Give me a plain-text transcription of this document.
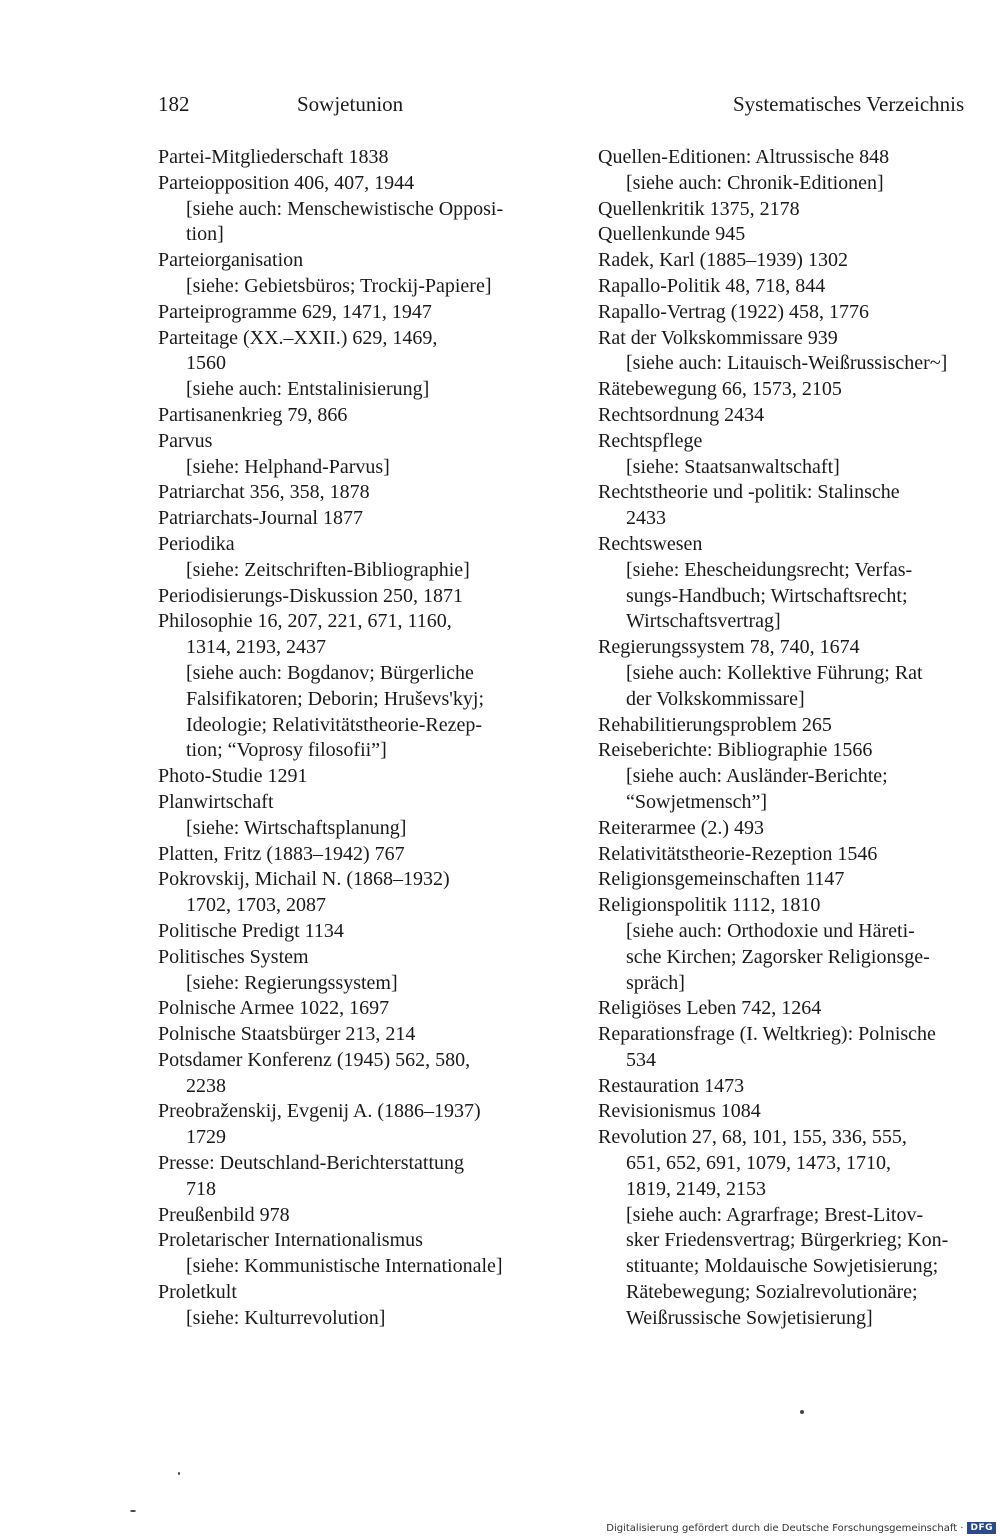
182	Sowjetunion	Systematisches Verzeichnis
Partei-Mitgliederschaft 1838
Parteiopposition 406, 407, 1944
[siehe auch: Menschewistische Opposi-
tion]
Parteiorganisation
[siehe: Gebietsbüros; Trockij-Papiere]
Parteiprogramme 629, 1471, 1947
Parteitage (XX.–XXII.) 629, 1469,
1560
[siehe auch: Entstalinisierung]
Partisanenkrieg 79, 866
Parvus
[siehe: Helphand-Parvus]
Patriarchat 356, 358, 1878
Patriarchats-Journal 1877
Periodika
[siehe: Zeitschriften-Bibliographie]
Periodisierungs-Diskussion 250, 1871
Philosophie 16, 207, 221, 671, 1160,
1314, 2193, 2437
[siehe auch: Bogdanov; Bürgerliche
Falsifikatoren; Deborin; Hruševs'kyj;
Ideologie; Relativitätstheorie-Rezep-
tion; “Voprosy filosofii”]
Photo-Studie 1291
Planwirtschaft
[siehe: Wirtschaftsplanung]
Platten, Fritz (1883–1942) 767
Pokrovskij, Michail N. (1868–1932)
1702, 1703, 2087
Politische Predigt 1134
Politisches System
[siehe: Regierungssystem]
Polnische Armee 1022, 1697
Polnische Staatsbürger 213, 214
Potsdamer Konferenz (1945) 562, 580,
2238
Preobraženskij, Evgenij A. (1886–1937)
1729
Presse: Deutschland-Berichterstattung
718
Preußenbild 978
Proletarischer Internationalismus
[siehe: Kommunistische Internationale]
Proletkult
[siehe: Kulturrevolution]
Quellen-Editionen: Altrussische 848
[siehe auch: Chronik-Editionen]
Quellenkritik 1375, 2178
Quellenkunde 945
Radek, Karl (1885–1939) 1302
Rapallo-Politik 48, 718, 844
Rapallo-Vertrag (1922) 458, 1776
Rat der Volkskommissare 939
[siehe auch: Litauisch-Weißrussischer~]
Rätebewegung 66, 1573, 2105
Rechtsordnung 2434
Rechtspflege
[siehe: Staatsanwaltschaft]
Rechtstheorie und -politik: Stalinsche
2433
Rechtswesen
[siehe: Ehescheidungsrecht; Verfas-
sungs-Handbuch; Wirtschaftsrecht;
Wirtschaftsvertrag]
Regierungssystem 78, 740, 1674
[siehe auch: Kollektive Führung; Rat
der Volkskommissare]
Rehabilitierungsproblem 265
Reiseberichte: Bibliographie 1566
[siehe auch: Ausländer-Berichte;
“Sowjetmensch”]
Reiterarmee (2.) 493
Relativitätstheorie-Rezeption 1546
Religionsgemeinschaften 1147
Religionspolitik 1112, 1810
[siehe auch: Orthodoxie und Häreti-
sche Kirchen; Zagorsker Religionsge-
spräch]
Religiöses Leben 742, 1264
Reparationsfrage (I. Weltkrieg): Polnische
534
Restauration 1473
Revisionismus 1084
Revolution 27, 68, 101, 155, 336, 555,
651, 652, 691, 1079, 1473, 1710,
1819, 2149, 2153
[siehe auch: Agrarfrage; Brest-Litov-
sker Friedensvertrag; Bürgerkrieg; Kon-
stituante; Moldauische Sowjetisierung;
Rätebewegung; Sozialrevolutionäre;
Weißrussische Sowjetisierung]
Digitalisierung gefördert durch die Deutsche Forschungsgemeinschaft · DFG
